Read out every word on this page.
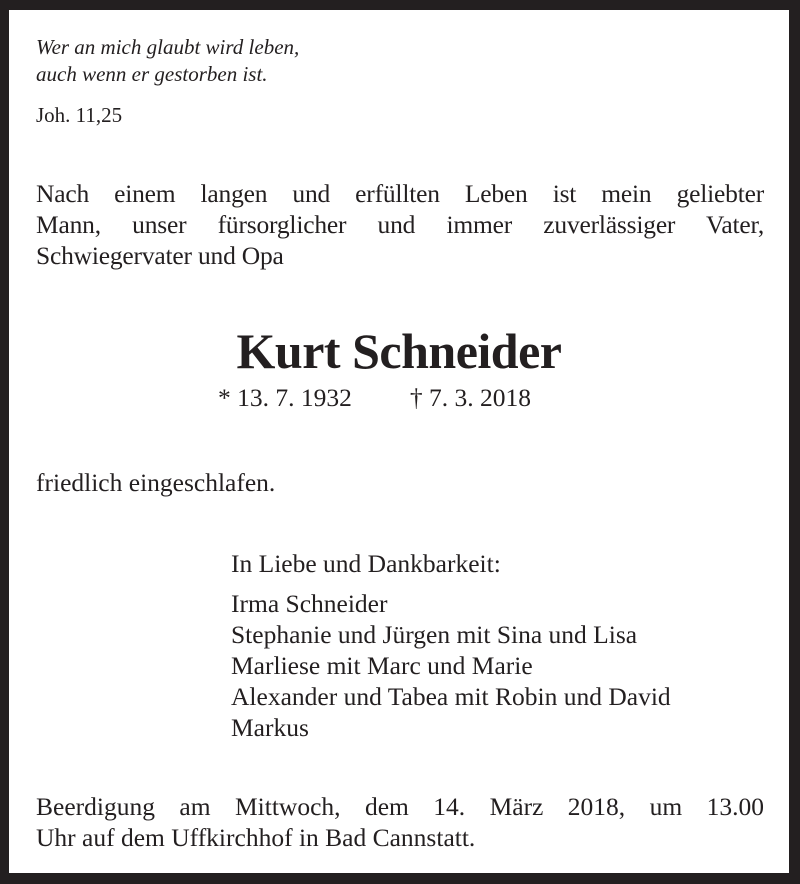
Wer an mich glaubt wird leben,
auch wenn er gestorben ist.
Joh. 11,25
Nach einem langen und erfüllten Leben ist mein geliebter
Mann, unser fürsorglicher und immer zuverlässiger Vater,
Schwiegervater und Opa
Kurt Schneider
* 13. 7. 1932 † 7. 3. 2018
friedlich eingeschlafen.
In Liebe und Dankbarkeit:
Irma Schneider
Stephanie und Jürgen mit Sina und Lisa
Marliese mit Marc und Marie
Alexander und Tabea mit Robin und David
Markus
Beerdigung am Mittwoch, dem 14. März 2018, um 13.00
Uhr auf dem Uffkirchhof in Bad Cannstatt.
